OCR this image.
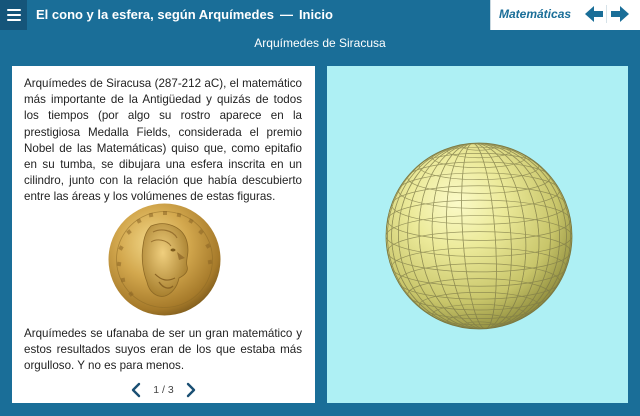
El cono y la esfera, según Arquímedes — Inicio	Matemáticas
Arquímedes de Siracusa

Arquímedes de Siracusa (287-212 aC), el matemático más importante de la Antigüedad y quizás de todos los tiempos (por algo su rostro aparece en la prestigiosa Medalla Fields, considerada el premio Nobel de las Matemáticas) quiso que, como epitafio en su tumba, se dibujara una esfera inscrita en un cilindro, junto con la relación que había descubierto entre las áreas y los volúmenes de estas figuras.

Arquímedes se ufanaba de ser un gran matemático y estos resultados suyos eran de los que estaba más orgulloso. Y no es para menos.

1 / 3
